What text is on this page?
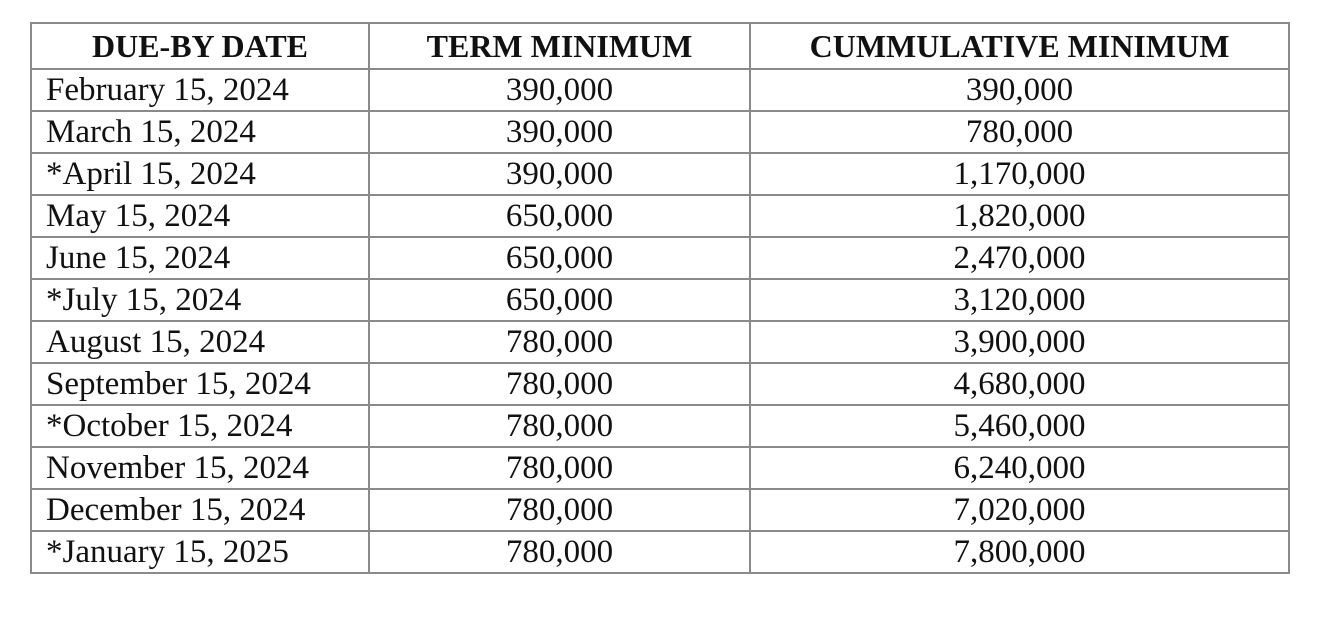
DUE-BY DATE	TERM MINIMUM	CUMMULATIVE MINIMUM
February 15, 2024	390,000	390,000
March 15, 2024	390,000	780,000
*April 15, 2024	390,000	1,170,000
May 15, 2024	650,000	1,820,000
June 15, 2024	650,000	2,470,000
*July 15, 2024	650,000	3,120,000
August 15, 2024	780,000	3,900,000
September 15, 2024	780,000	4,680,000
*October 15, 2024	780,000	5,460,000
November 15, 2024	780,000	6,240,000
December 15, 2024	780,000	7,020,000
*January 15, 2025	780,000	7,800,000
